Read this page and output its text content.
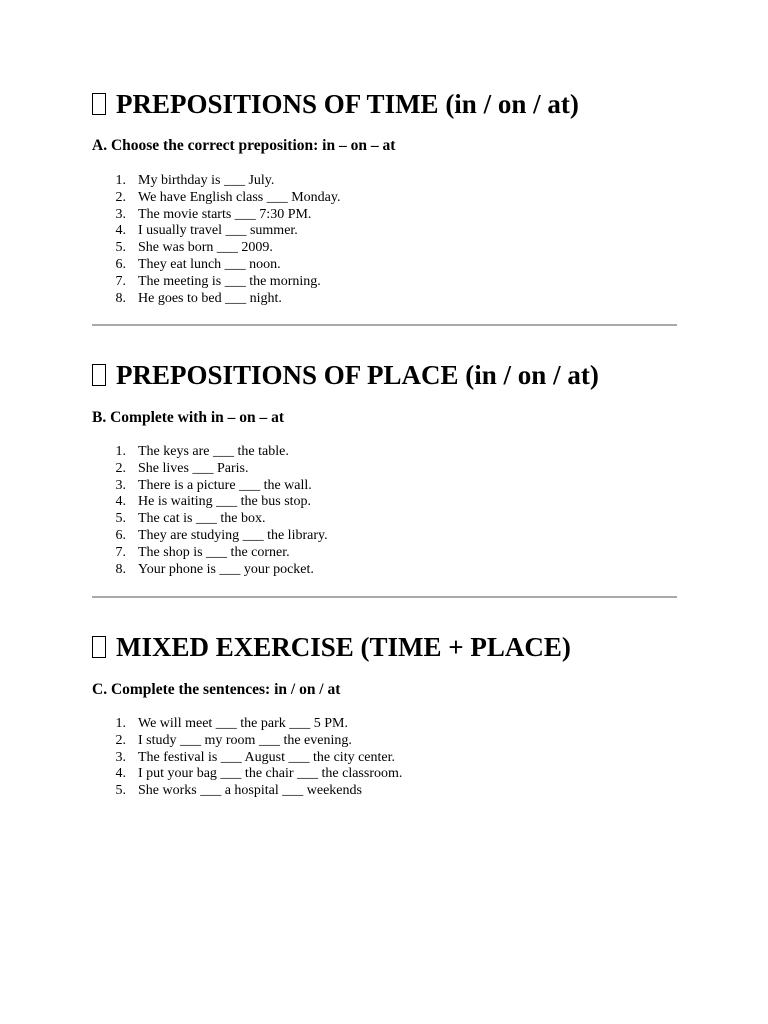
PREPOSITIONS OF TIME (in / on / at)

A. Choose the correct preposition: in – on – at

1. My birthday is ___ July.
2. We have English class ___ Monday.
3. The movie starts ___ 7:30 PM.
4. I usually travel ___ summer.
5. She was born ___ 2009.
6. They eat lunch ___ noon.
7. The meeting is ___ the morning.
8. He goes to bed ___ night.
PREPOSITIONS OF PLACE (in / on / at)

B. Complete with in – on – at

1. The keys are ___ the table.
2. She lives ___ Paris.
3. There is a picture ___ the wall.
4. He is waiting ___ the bus stop.
5. The cat is ___ the box.
6. They are studying ___ the library.
7. The shop is ___ the corner.
8. Your phone is ___ your pocket.
MIXED EXERCISE (TIME + PLACE)

C. Complete the sentences: in / on / at

1. We will meet ___ the park ___ 5 PM.
2. I study ___ my room ___ the evening.
3. The festival is ___ August ___ the city center.
4. I put your bag ___ the chair ___ the classroom.
5. She works ___ a hospital ___ weekends
